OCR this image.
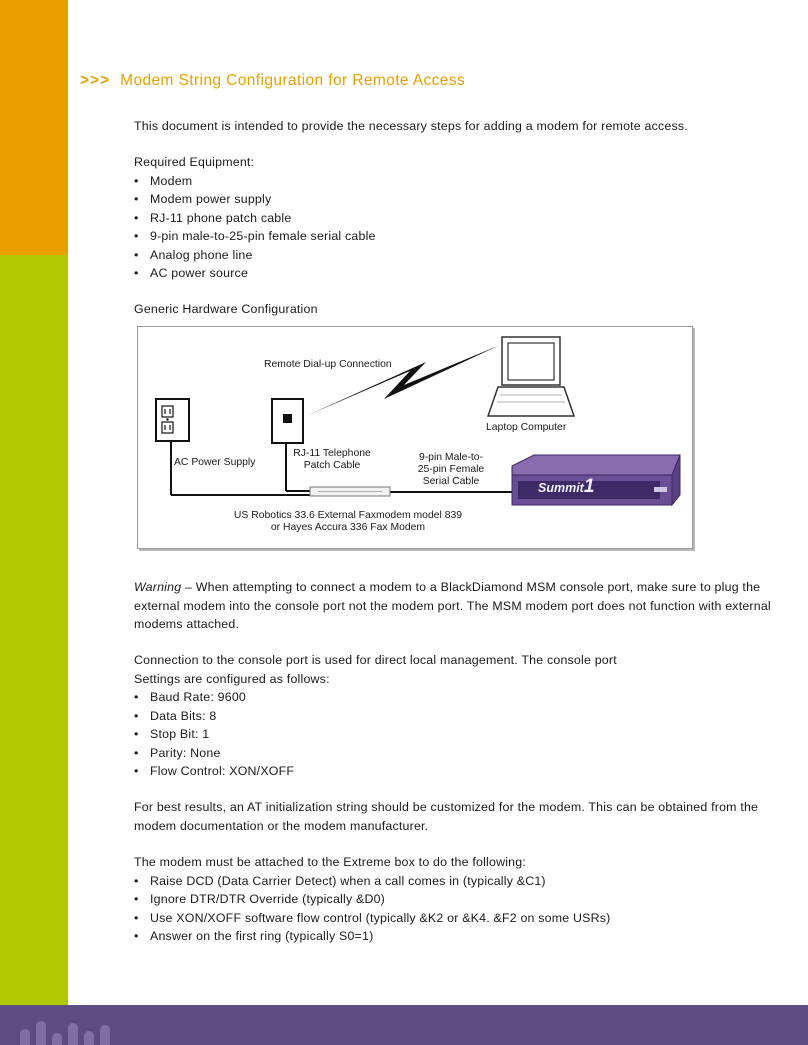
>>> Modem String Configuration for Remote Access

This document is intended to provide the necessary steps for adding a modem for remote access.

Required Equipment:

• Modem
• Modem power supply
• RJ-11 phone patch cable
• 9-pin male-to-25-pin female serial cable
• Analog phone line
• AC power source

Generic Hardware Configuration

Summit1
Remote Dial-up Connection
Laptop Computer
AC Power Supply
RJ-11 Telephone
Patch Cable
9-pin Male-to-
25-pin Female
Serial Cable
US Robotics 33.6 External Faxmodem model 839
or Hayes Accura 336 Fax Modem

Warning – When attempting to connect a modem to a BlackDiamond MSM console port, make sure to plug the external modem into the console port not the modem port. The MSM modem port does not function with external modems attached.

Connection to the console port is used for direct local management. The console port

Settings are configured as follows:

• Baud Rate: 9600
• Data Bits: 8
• Stop Bit: 1
• Parity: None
• Flow Control: XON/XOFF

For best results, an AT initialization string should be customized for the modem. This can be obtained from the modem documentation or the modem manufacturer.

The modem must be attached to the Extreme box to do the following:

• Raise DCD (Data Carrier Detect) when a call comes in (typically &C1)
• Ignore DTR/DTR Override (typically &D0)
• Use XON/XOFF software flow control (typically &K2 or &K4. &F2 on some USRs)
• Answer on the first ring (typically S0=1)
